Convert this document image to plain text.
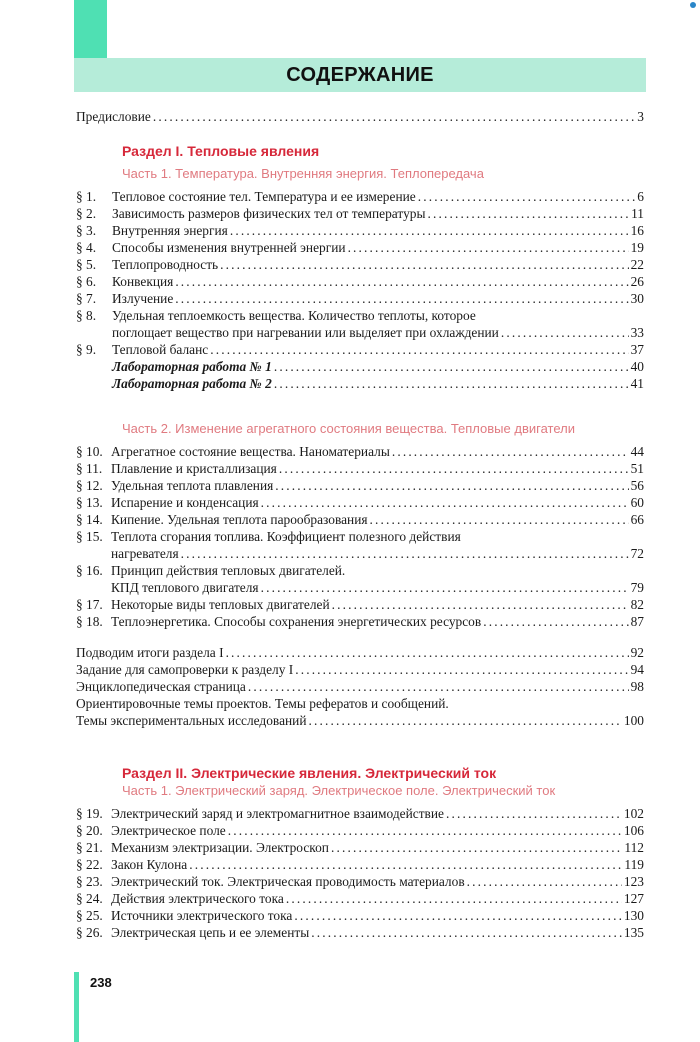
СОДЕРЖАНИЕ
Предисловие . . .	3
Раздел I. Тепловые явления
Часть 1. Температура. Внутренняя энергия. Теплопередача
§ 1.	Тепловое состояние тел. Температура и ее измерение . . .	6
§ 2.	Зависимость размеров физических тел от температуры . . .	11
§ 3.	Внутренняя энергия . . .	16
§ 4.	Способы изменения внутренней энергии . . .	19
§ 5.	Теплопроводность . . .	22
§ 6.	Конвекция . . .	26
§ 7.	Излучение . . .	30
§ 8.	Удельная теплоемкость вещества. Количество теплоты, которое
поглощает вещество при нагревании или выделяет при охлаждении . . .	33
§ 9.	Тепловой баланс . . .	37
Лабораторная работа № 1 . . .	40
Лабораторная работа № 2 . . .	41
Часть 2. Изменение агрегатного состояния вещества. Тепловые двигатели
§ 10. Агрегатное состояние вещества. Наноматериалы . . .	44
§ 11. Плавление и кристаллизация . . .	51
§ 12. Удельная теплота плавления . . .	56
§ 13. Испарение и конденсация . . .	60
§ 14. Кипение. Удельная теплота парообразования . . .	66
§ 15. Теплота сгорания топлива. Коэффициент полезного действия
нагревателя . . .	72
§ 16. Принцип действия тепловых двигателей.
КПД теплового двигателя . . .	79
§ 17. Некоторые виды тепловых двигателей . . .	82
§ 18. Теплоэнергетика. Способы сохранения энергетических ресурсов . . .	87
Подводим итоги раздела I . . .	92
Задание для самопроверки к разделу I . . .	94
Энциклопедическая страница . . .	98
Ориентировочные темы проектов. Темы рефератов и сообщений.
Темы экспериментальных исследований . . .	100
Раздел II. Электрические явления. Электрический ток
Часть 1. Электрический заряд. Электрическое поле. Электрический ток
§ 19. Электрический заряд и электромагнитное взаимодействие . . .	102
§ 20. Электрическое поле . . .	106
§ 21. Механизм электризации. Электроскоп . . .	112
§ 22. Закон Кулона . . .	119
§ 23. Электрический ток. Электрическая проводимость материалов . . .	123
§ 24. Действия электрического тока . . .	127
§ 25. Источники электрического тока . . .	130
§ 26. Электрическая цепь и ее элементы . . .	135
238
